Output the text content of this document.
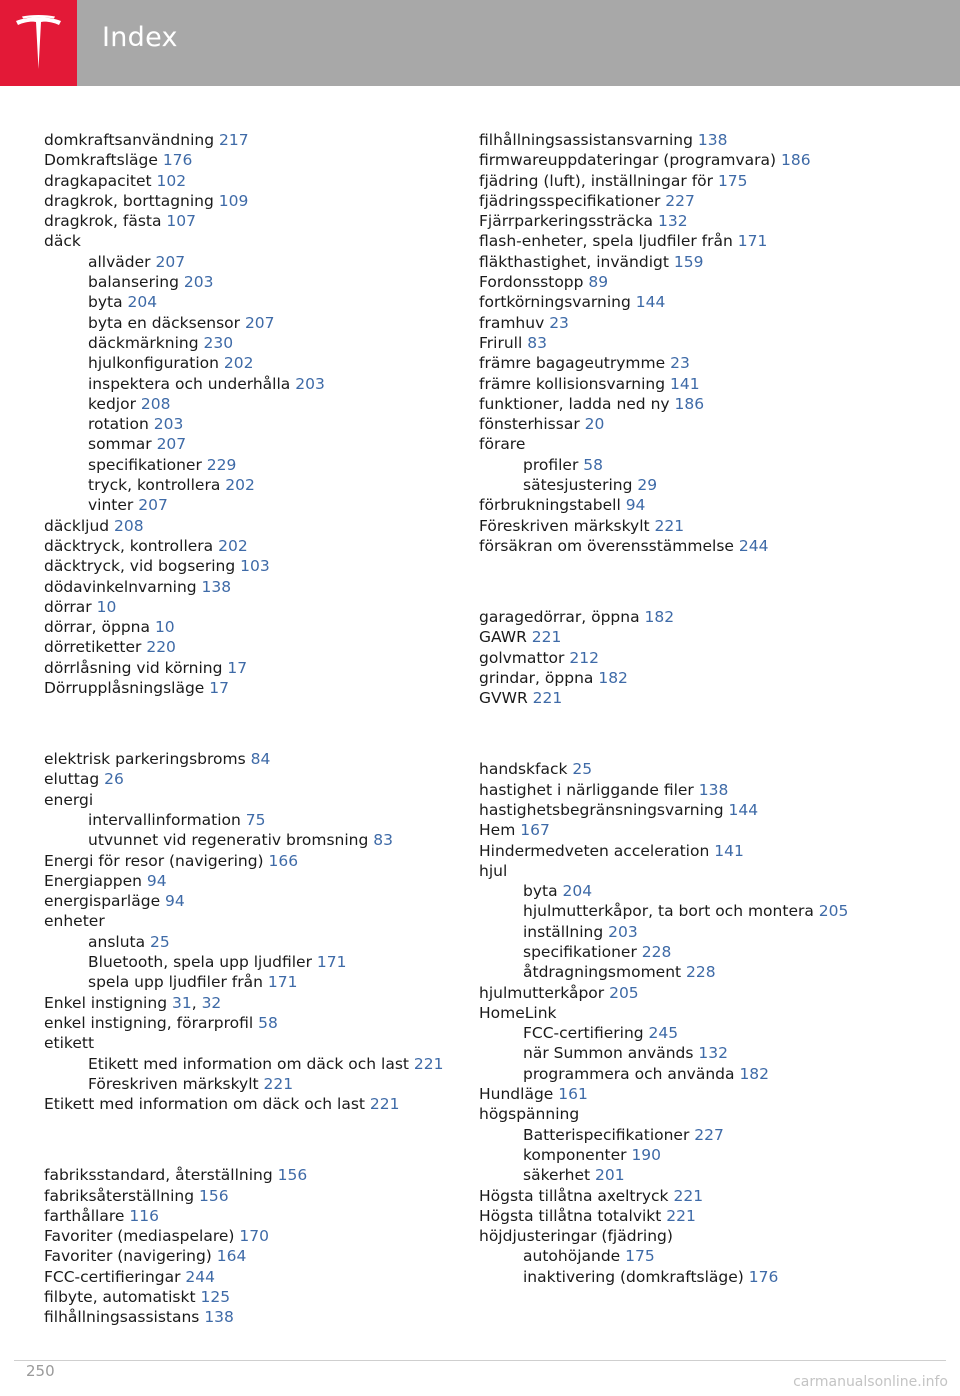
Index
domkraftsanvändning 217
Domkraftsläge 176
dragkapacitet 102
dragkrok, borttagning 109
dragkrok, fästa 107
däck
allväder 207
balansering 203
byta 204
byta en däcksensor 207
däckmärkning 230
hjulkonfiguration 202
inspektera och underhålla 203
kedjor 208
rotation 203
sommar 207
specifikationer 229
tryck, kontrollera 202
vinter 207
däckljud 208
däcktryck, kontrollera 202
däcktryck, vid bogsering 103
dödavinkelnvarning 138
dörrar 10
dörrar, öppna 10
dörretiketter 220
dörrlåsning vid körning 17
Dörrupplåsningsläge 17
elektrisk parkeringsbroms 84
eluttag 26
energi
intervallinformation 75
utvunnet vid regenerativ bromsning 83
Energi för resor (navigering) 166
Energiappen 94
energisparläge 94
enheter
ansluta 25
Bluetooth, spela upp ljudfiler 171
spela upp ljudfiler från 171
Enkel instigning 31, 32
enkel instigning, förarprofil 58
etikett
Etikett med information om däck och last 221
Föreskriven märkskylt 221
Etikett med information om däck och last 221
fabriksstandard, återställning 156
fabriksåterställning 156
farthållare 116
Favoriter (mediaspelare) 170
Favoriter (navigering) 164
FCC-certifieringar 244
filbyte, automatiskt 125
filhållningsassistans 138
filhållningsassistansvarning 138
firmwareuppdateringar (programvara) 186
fjädring (luft), inställningar för 175
fjädringsspecifikationer 227
Fjärrparkeringssträcka 132
flash-enheter, spela ljudfiler från 171
fläkthastighet, invändigt 159
Fordonsstopp 89
fortkörningsvarning 144
framhuv 23
Frirull 83
främre bagageutrymme 23
främre kollisionsvarning 141
funktioner, ladda ned ny 186
fönsterhissar 20
förare
profiler 58
sätesjustering 29
förbrukningstabell 94
Föreskriven märkskylt 221
försäkran om överensstämmelse 244
garagedörrar, öppna 182
GAWR 221
golvmattor 212
grindar, öppna 182
GVWR 221
handskfack 25
hastighet i närliggande filer 138
hastighetsbegränsningsvarning 144
Hem 167
Hindermedveten acceleration 141
hjul
byta 204
hjulmutterkåpor, ta bort och montera 205
inställning 203
specifikationer 228
åtdragningsmoment 228
hjulmutterkåpor 205
HomeLink
FCC-certifiering 245
när Summon används 132
programmera och använda 182
Hundläge 161
högspänning
Batterispecifikationer 227
komponenter 190
säkerhet 201
Högsta tillåtna axeltryck 221
Högsta tillåtna totalvikt 221
höjdjusteringar (fjädring)
autohöjande 175
inaktivering (domkraftsläge) 176
250
carmanualsonline.info
